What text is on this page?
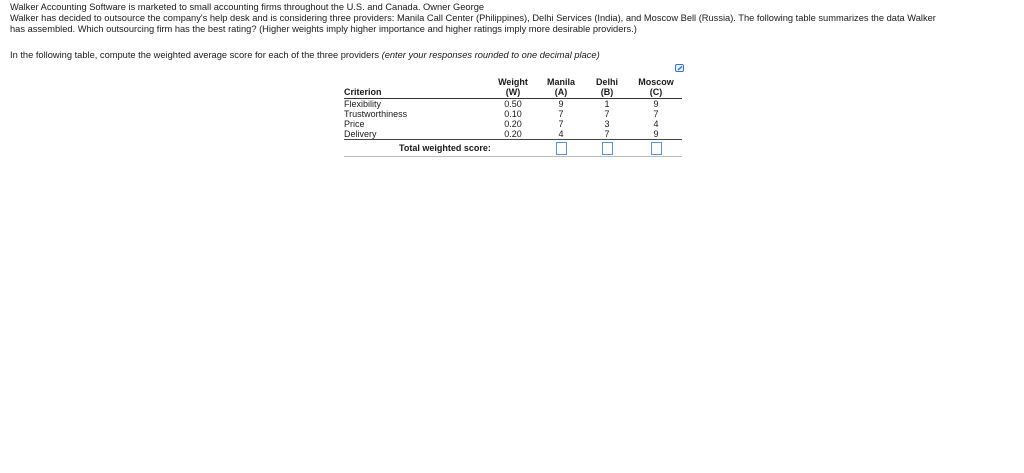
Walker Accounting Software is marketed to small accounting firms throughout the U.S. and Canada. Owner George
Walker has decided to outsource the company's help desk and is considering three providers: Manila Call Center (Philippines), Delhi Services (India), and Moscow Bell (Russia). The following table summarizes the data Walker
has assembled. Which outsourcing firm has the best rating? (Higher weights imply higher importance and higher ratings imply more desirable providers.)
In the following table, compute the weighted average score for each of the three providers (enter your responses rounded to one decimal place)
	Weight	Manila	Delhi	Moscow
Criterion	(W)	(A)	(B)	(C)
Flexibility	0.50	9	1	9
Trustworthiness	0.10	7	7	7
Price	0.20	7	3	4
Delivery	0.20	4	7	9
Total weighted score:				
